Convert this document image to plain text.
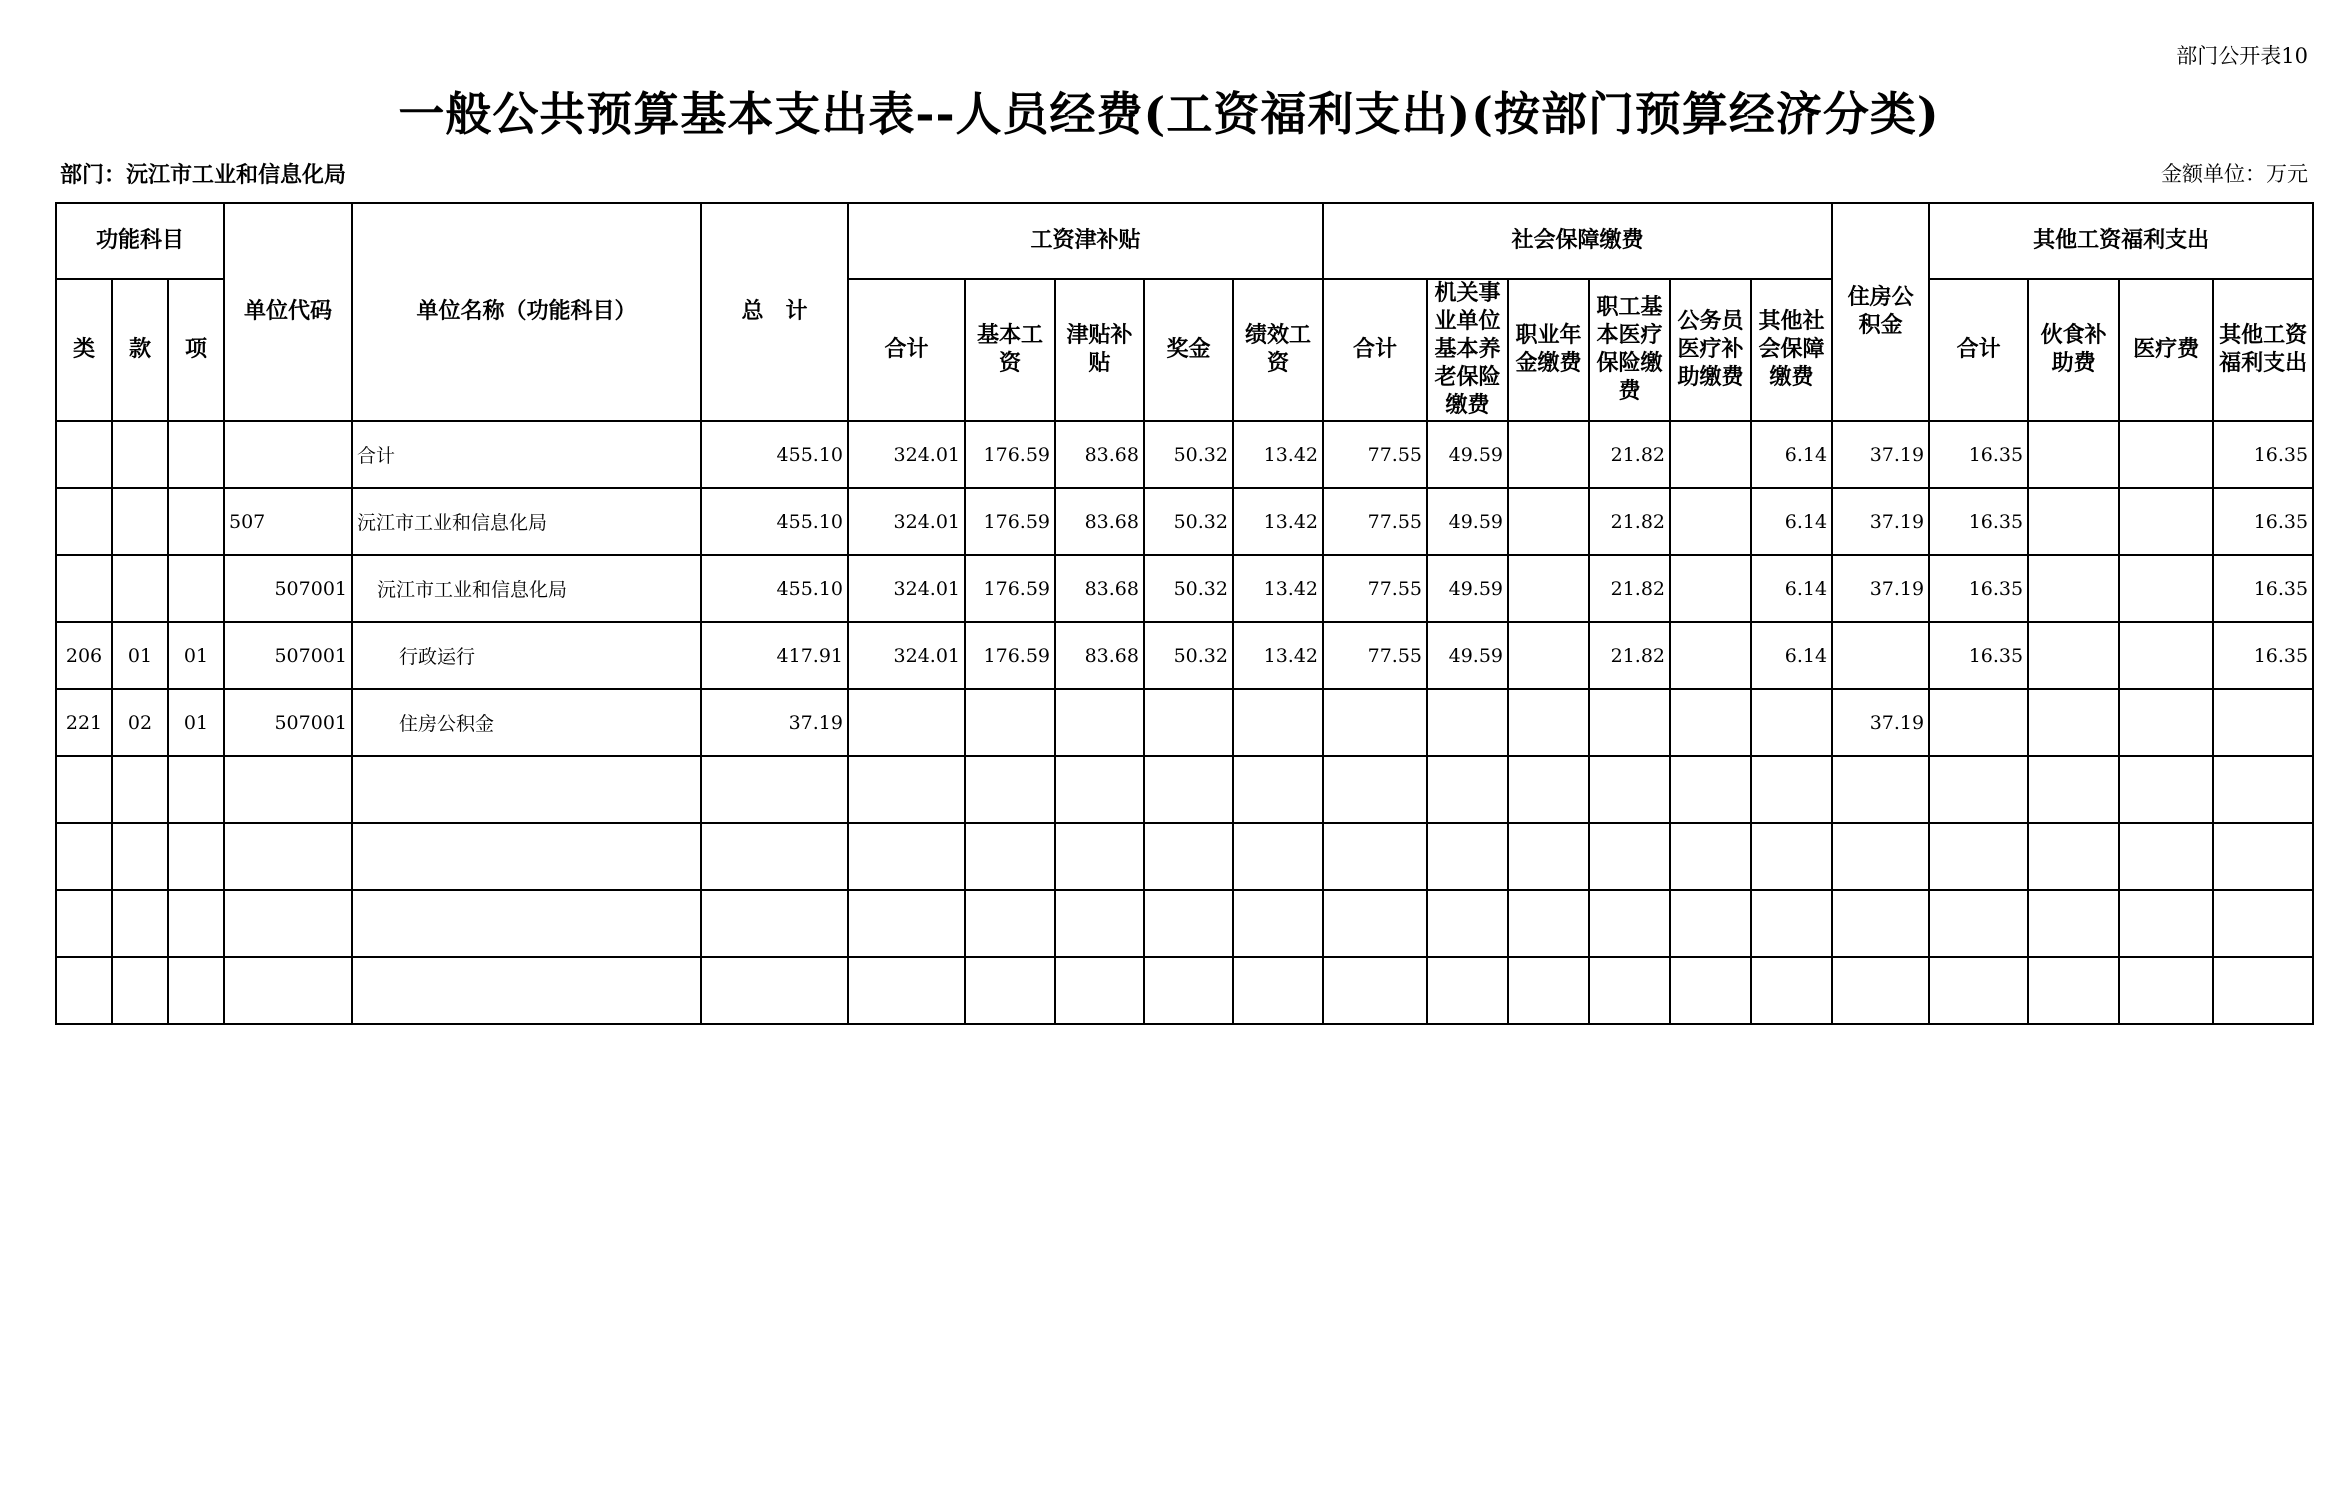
部门公开表10
一般公共预算基本支出表--人员经费(工资福利支出)(按部门预算经济分类)
部门：沅江市工业和信息化局	金额单位：万元
功能科目			单位代码	单位名称（功能科目）	总　计	工资津补贴					社会保障缴费						住房公积金	其他工资福利支出			
类	款	项				合计	基本工资	津贴补贴	奖金	绩效工资	合计	机关事业单位基本养老保险缴费	职业年金缴费	职工基本医疗保险缴费	公务员医疗补助缴费	其他社会保障缴费		合计	伙食补助费	医疗费	其他工资福利支出
				合计	455.10	324.01	176.59	83.68	50.32	13.42	77.55	49.59		21.82		6.14	37.19	16.35			16.35
			507	沅江市工业和信息化局	455.10	324.01	176.59	83.68	50.32	13.42	77.55	49.59		21.82		6.14	37.19	16.35			16.35
			507001	沅江市工业和信息化局	455.10	324.01	176.59	83.68	50.32	13.42	77.55	49.59		21.82		6.14	37.19	16.35			16.35
206	01	01	507001	行政运行	417.91	324.01	176.59	83.68	50.32	13.42	77.55	49.59		21.82		6.14		16.35			16.35
221	02	01	507001	住房公积金	37.19												37.19				
